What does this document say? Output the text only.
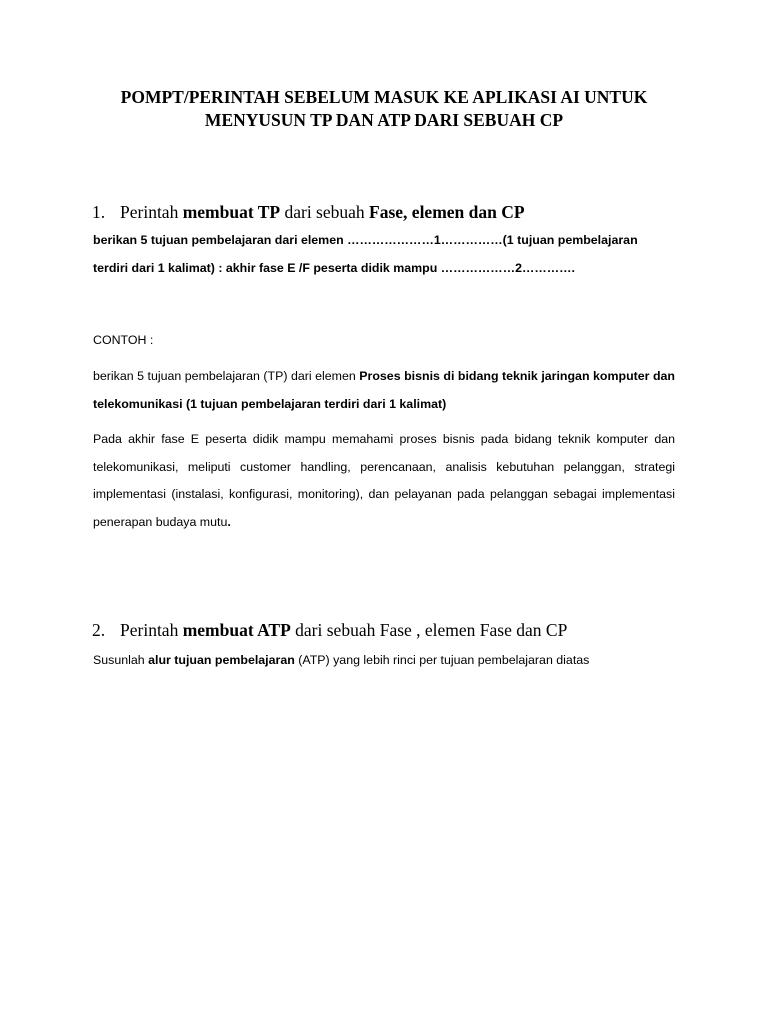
POMPT/PERINTAH SEBELUM MASUK KE APLIKASI AI UNTUK
MENYUSUN TP DAN ATP DARI SEBUAH CP

1. Perintah membuat TP dari sebuah Fase, elemen dan CP

berikan 5 tujuan pembelajaran dari elemen …………………1……………(1 tujuan pembelajaran

terdiri dari 1 kalimat) : akhir fase E /F peserta didik mampu ………………2………….

CONTOH :

berikan 5 tujuan pembelajaran (TP) dari elemen Proses bisnis di bidang teknik jaringan komputer dan telekomunikasi (1 tujuan pembelajaran terdiri dari 1 kalimat)

Pada akhir fase E peserta didik mampu memahami proses bisnis pada bidang teknik komputer dan telekomunikasi, meliputi customer handling, perencanaan, analisis kebutuhan pelanggan, strategi implementasi (instalasi, konfigurasi, monitoring), dan pelayanan pada pelanggan sebagai implementasi penerapan budaya mutu.

2. Perintah membuat ATP dari sebuah Fase , elemen Fase dan CP

Susunlah alur tujuan pembelajaran (ATP) yang lebih rinci per tujuan pembelajaran diatas
